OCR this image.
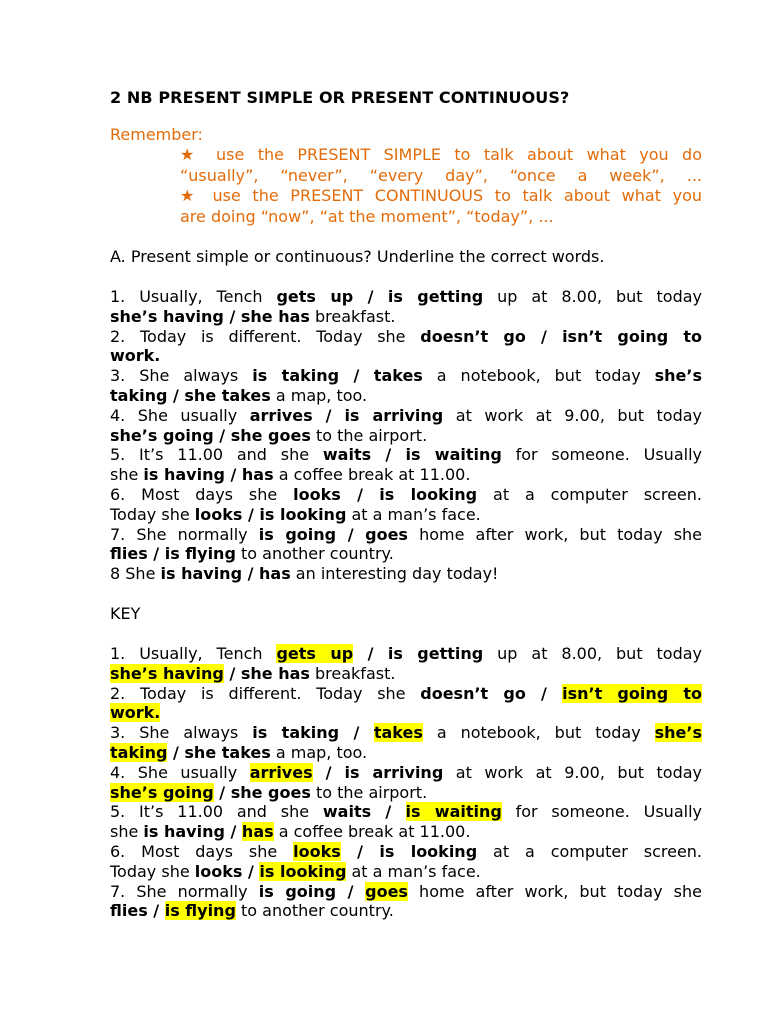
2 NB PRESENT SIMPLE OR PRESENT CONTINUOUS?
Remember:
★ use the PRESENT SIMPLE to talk about what you do
“usually”, “never”, “every day”, “once a week”, ...
★ use the PRESENT CONTINUOUS to talk about what you
are doing “now”, “at the moment”, “today”, ...
A. Present simple or continuous? Underline the correct words.
1. Usually, Tench gets up / is getting up at 8.00, but today
she’s having / she has breakfast.
2. Today is different. Today she doesn’t go / isn’t going to
work.
3. She always is taking / takes a notebook, but today she’s
taking / she takes a map, too.
4. She usually arrives / is arriving at work at 9.00, but today
she’s going / she goes to the airport.
5. It’s 11.00 and she waits / is waiting for someone. Usually
she is having / has a coffee break at 11.00.
6. Most days she looks / is looking at a computer screen.
Today she looks / is looking at a man’s face.
7. She normally is going / goes home after work, but today she
flies / is flying to another country.
8 She is having / has an interesting day today!
KEY
1. Usually, Tench gets up / is getting up at 8.00, but today
she’s having / she has breakfast.
2. Today is different. Today she doesn’t go / isn’t going to
work.
3. She always is taking / takes a notebook, but today she’s
taking / she takes a map, too.
4. She usually arrives / is arriving at work at 9.00, but today
she’s going / she goes to the airport.
5. It’s 11.00 and she waits / is waiting for someone. Usually
she is having / has a coffee break at 11.00.
6. Most days she looks / is looking at a computer screen.
Today she looks / is looking at a man’s face.
7. She normally is going / goes home after work, but today she
flies / is flying to another country.
